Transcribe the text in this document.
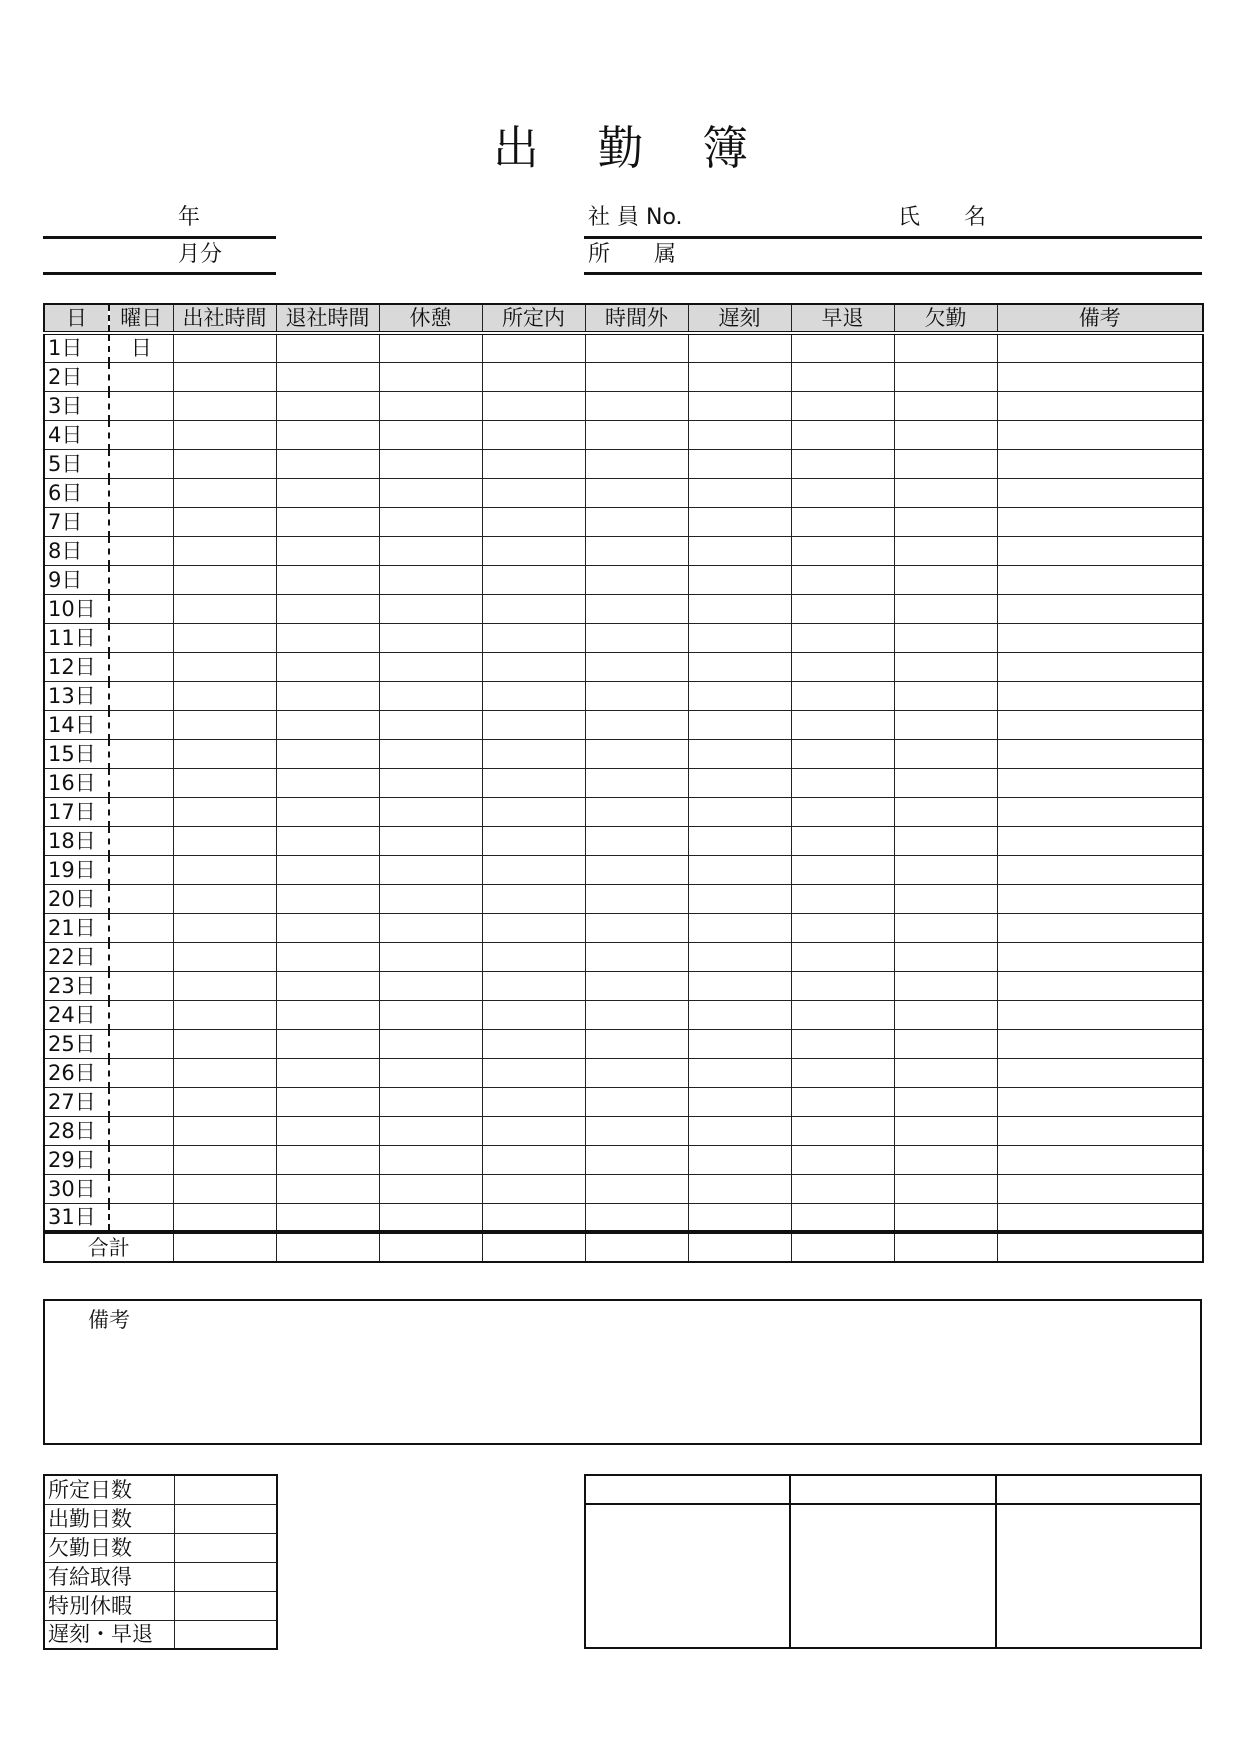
出 勤 簿
年
月分
社 員 No.	氏　　名
所　　属
日	曜日	出社時間	退社時間	休憩	所定内	時間外	遅刻	早退	欠勤	備考
1日	日									
2日										
3日										
4日										
5日										
6日										
7日										
8日										
9日										
10日										
11日										
12日										
13日										
14日										
15日										
16日										
17日										
18日										
19日										
20日										
21日										
22日										
23日										
24日										
25日										
26日										
27日										
28日										
29日										
30日										
31日										
合計										
備考
所定日数	
出勤日数	
欠勤日数	
有給取得	
特別休暇	
遅刻・早退	
